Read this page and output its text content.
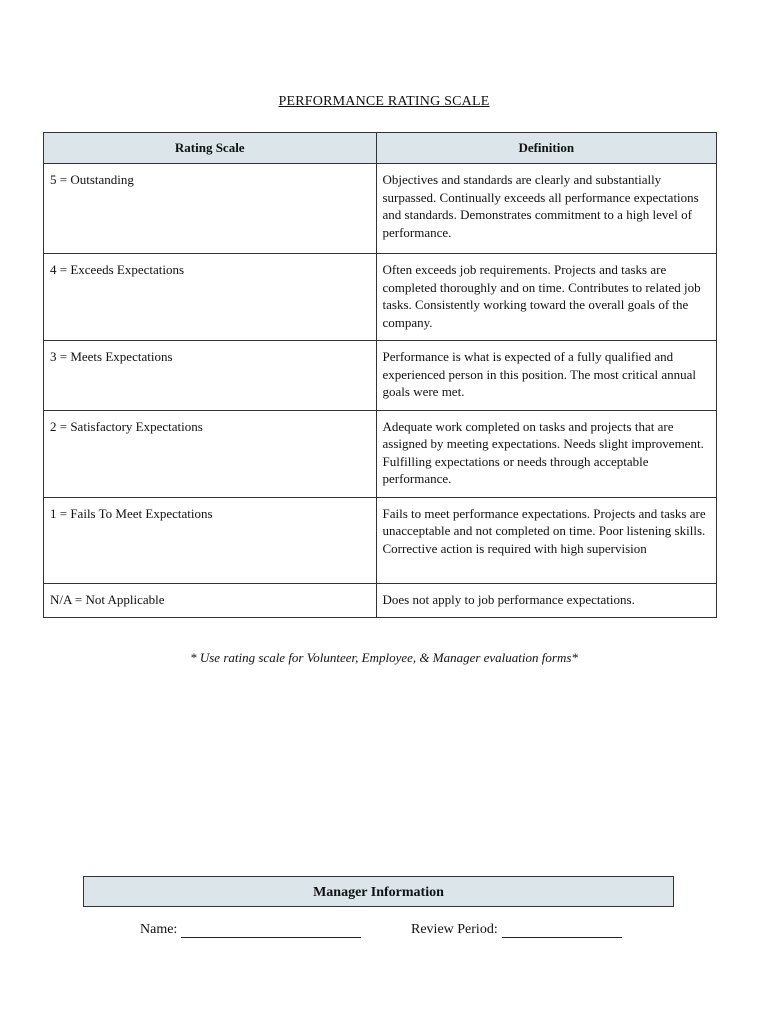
PERFORMANCE RATING SCALE
Rating Scale	Definition
5 = Outstanding	Objectives and standards are clearly and substantially surpassed. Continually exceeds all performance expectations and standards. Demonstrates commitment to a high level of performance.
4 = Exceeds Expectations	Often exceeds job requirements. Projects and tasks are completed thoroughly and on time. Contributes to related job tasks. Consistently working toward the overall goals of the company.
3 = Meets Expectations	Performance is what is expected of a fully qualified and experienced person in this position. The most critical annual goals were met.
2 = Satisfactory Expectations	Adequate work completed on tasks and projects that are assigned by meeting expectations. Needs slight improvement. Fulfilling expectations or needs through acceptable performance.
1 = Fails To Meet Expectations	Fails to meet performance expectations. Projects and tasks are unacceptable and not completed on time. Poor listening skills. Corrective action is required with high supervision
N/A = Not Applicable	Does not apply to job performance expectations.
* Use rating scale for Volunteer, Employee, & Manager evaluation forms*
Manager Information
Name:	Review Period:
